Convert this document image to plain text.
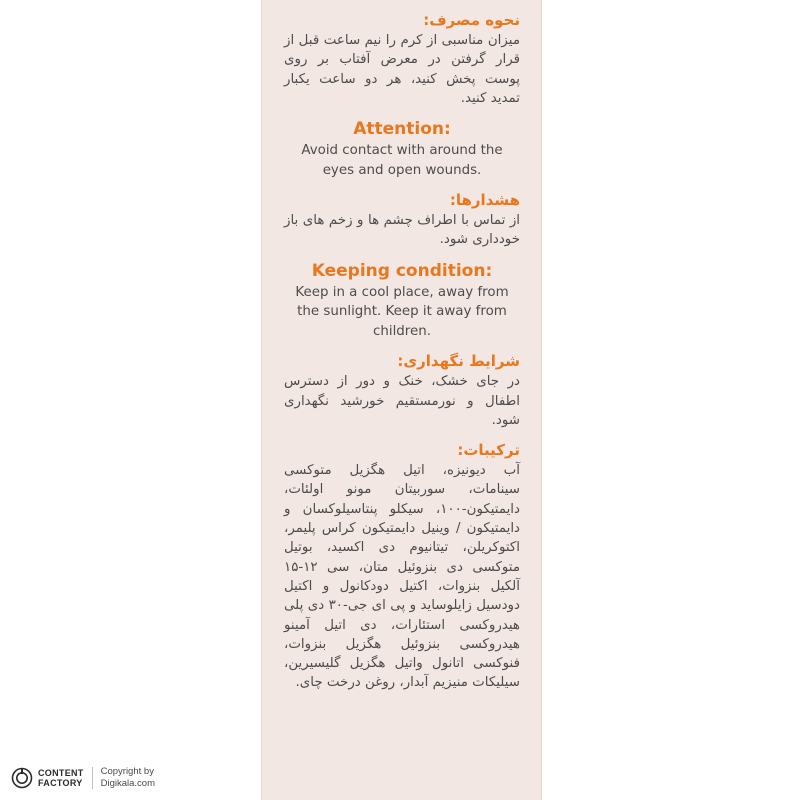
نحوه مصرف:

میزان مناسبی از کرم را نیم ساعت قبل از قرار گرفتن در معرض آفتاب بر روی پوست پخش کنید، هر دو ساعت یکبار تمدید کنید.

Attention:

Avoid contact with around the eyes and open wounds.

هشدارها:

از تماس با اطراف چشم ها و زخم های باز خودداری شود.

Keeping condition:

Keep in a cool place, away from the sunlight. Keep it away from children.

شرایط نگهداری:

در جای خشک، خنک و دور از دسترس اطفال و نورمستقیم خورشید نگهداری شود.

ترکیبات:

آب دیونیزه، اتیل هگزیل متوکسی سینامات، سوربیتان مونو اولئات، دایمتیکون-۱۰۰، سیکلو پنتاسیلوکسان و دایمتیکون / وینیل دایمتیکون کراس پلیمر، اکتوکریلن، تیتانیوم دی اکسید، بوتیل متوکسی دی بنزوئیل متان، سی ۱۲-۱۵ آلکیل بنزوات، اکتیل دودکانول و اکتیل دودسیل زایلوساید و پی ای جی-۳۰ دی پلی هیدروکسی استئارات، دی اتیل آمینو هیدروکسی بنزوئیل هگزیل بنزوات، فنوکسی اتانول واتیل هگزیل گلیسیرین، سیلیکات منیزیم آبدار، روغن درخت چای.

CONTENT
FACTORY
Copyright by
Digikala.com
